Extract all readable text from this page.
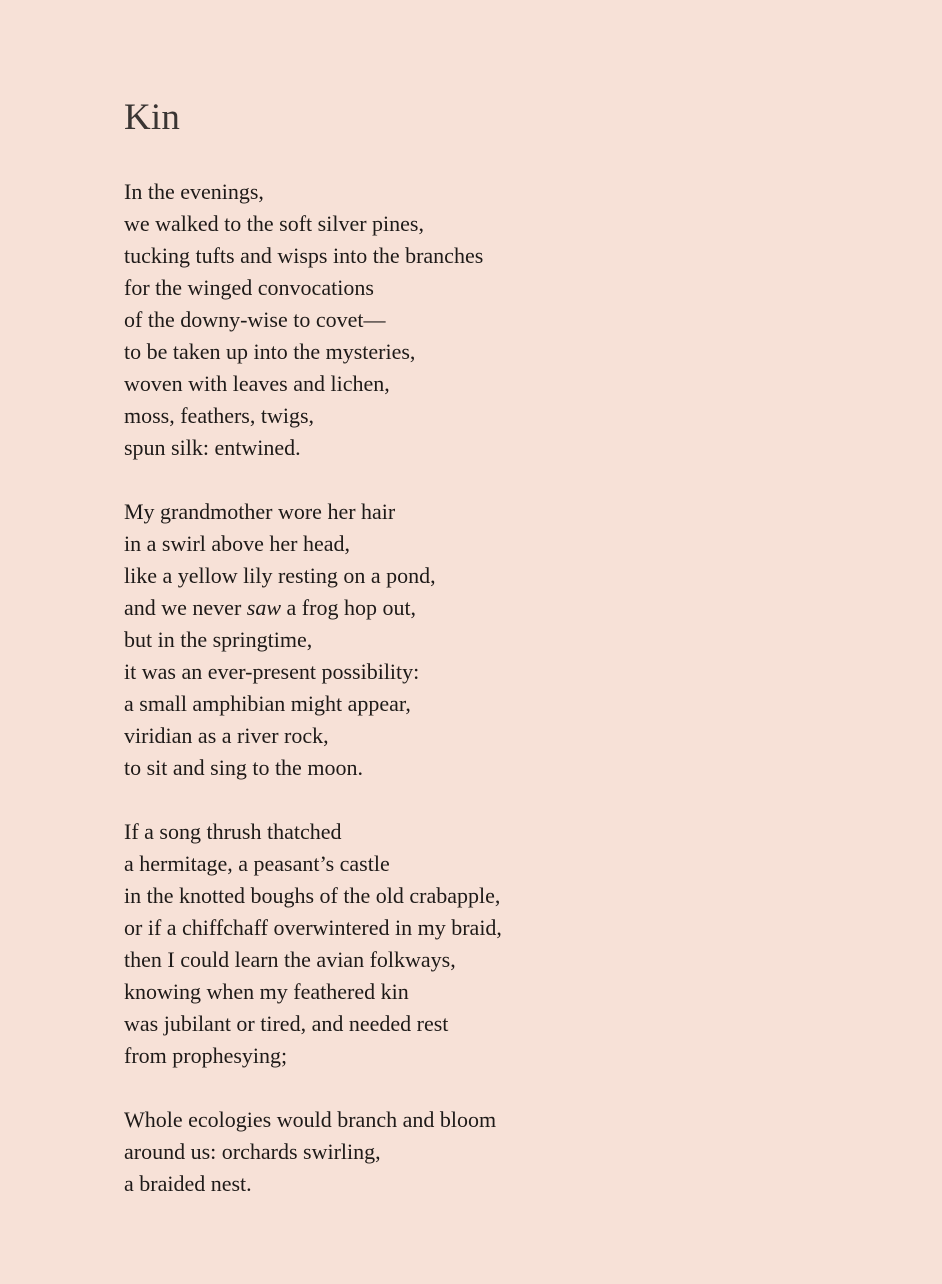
Kin
In the evenings,
we walked to the soft silver pines,
tucking tufts and wisps into the branches
for the winged convocations
of the downy-wise to covet—
to be taken up into the mysteries,
woven with leaves and lichen,
moss, feathers, twigs,
spun silk: entwined.
My grandmother wore her hair
in a swirl above her head,
like a yellow lily resting on a pond,
and we never saw a frog hop out,
but in the springtime,
it was an ever-present possibility:
a small amphibian might appear,
viridian as a river rock,
to sit and sing to the moon.
If a song thrush thatched
a hermitage, a peasant’s castle
in the knotted boughs of the old crabapple,
or if a chiffchaff overwintered in my braid,
then I could learn the avian folkways,
knowing when my feathered kin
was jubilant or tired, and needed rest
from prophesying;
Whole ecologies would branch and bloom
around us: orchards swirling,
a braided nest.
